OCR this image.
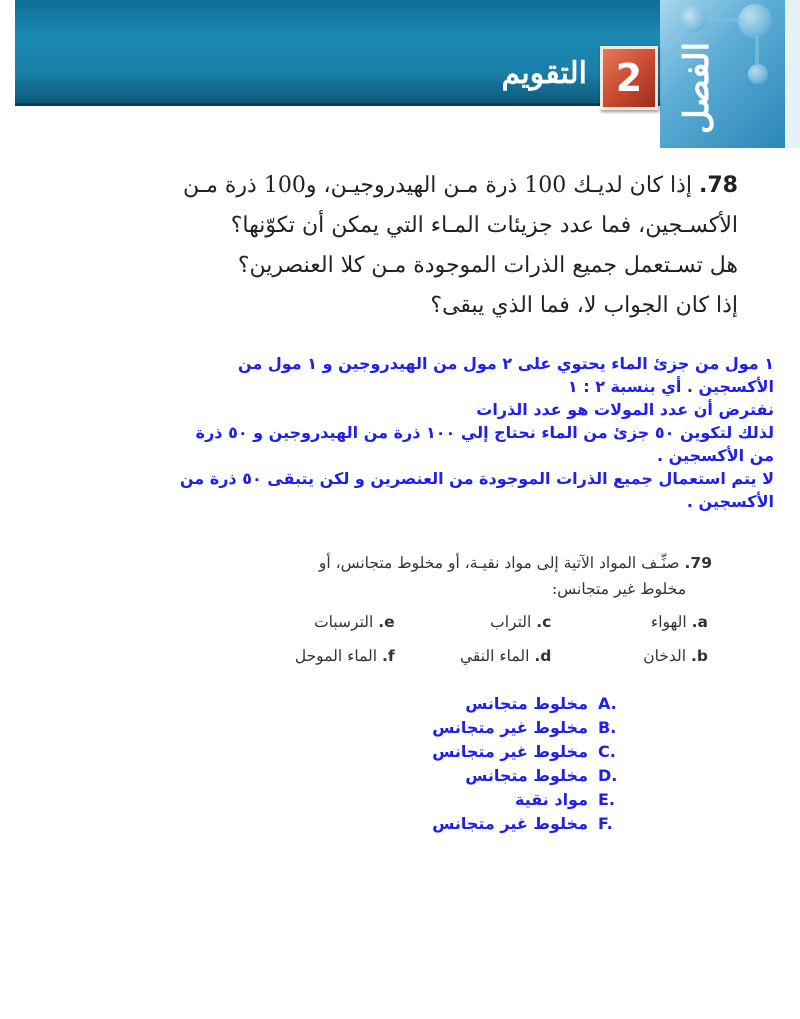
الفصل
2
التقويم
78. إذا كان لديـك 100 ذرة مـن الهيدروجيـن، و100 ذرة مـن
الأكسـجين، فما عدد جزيئات المـاء التي يمكن أن تكوّنها؟
هل تسـتعمل جميع الذرات الموجودة مـن كلا العنصرين؟
إذا كان الجواب لا، فما الذي يبقى؟
١ مول من جزئ الماء يحتوي على ٢ مول من الهيدروجين و ١ مول من
الأكسجين . أي بنسبة ٢ : ١
نفترض أن عدد المولات هو عدد الذرات
لذلك لتكوين ٥٠ جزئ من الماء نحتاج إلي ١٠٠ ذرة من الهيدروجين و ٥٠ ذرة
من الأكسجين .
لا يتم استعمال جميع الذرات الموجودة من العنصرين و لكن يتبقى ٥٠ ذرة من
الأكسجين .
79. صنِّـف المواد الآتية إلى مواد نقيـة، أو مخلوط متجانس، أو
مخلوط غير متجانس:
a. الهواء
c. التراب
e. الترسبات
b. الدخان
d. الماء النقي
f. الماء الموحل
مخلوط متجانس A.
مخلوط غير متجانس B.
مخلوط غير متجانس C.
مخلوط متجانس D.
مواد نقية E.
مخلوط غير متجانس F.
